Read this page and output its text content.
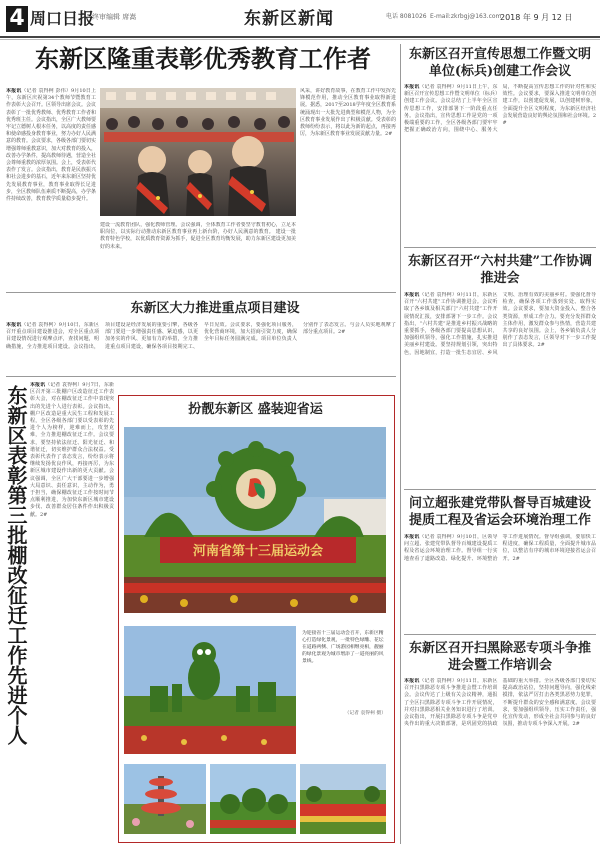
4 周口日报
终审编辑 席嵩	东新区新闻	电话 8081026 E-mail:zkrbgj@163.com
2018 年 9 月 12 日
东新区隆重表彰优秀教育工作者
本报讯（记者 袁得柯 彭伟）9月10日上午，东新区庆祝第34个教师节暨教育工作表彰大会召开。区领导出席会议。会议表彰了一批优秀教师、优秀教育工作者和优秀班主任。会议指出，全区广大教师要牢记立德树人根本任务，以高度的责任感和使命感投身教育事业，努力办好人民满意的教育。会议要求，各级各部门要切实增强尊师重教意识，加大对教育的投入，改善办学条件，提高教师待遇，营造全社会尊师重教的浓厚氛围。会上，受表彰代表作了发言。会议指出，教育是民族振兴和社会进步的基石，近年来东新区坚持优先发展教育事业，教育事业取得长足进步，全区教师队伍素质不断提高，办学条件持续改善，教育教学质量稳步提升。
建设一流教育团队，强化教师管理。会议强调，全体教育工作者要坚守教育初心，立足本职岗位，以实际行动推动东新区教育事业再上新台阶，办好人民满意的教育。 建设一批教育特色学校，以优质教育资源为抓手，促进全区教育均衡发展，助力东新区建设更加美好的未来。
风采，讲好教育故事，在教育工作中发挥先锋模范作用，推动全区教育事业取得新进展。据悉，2017至2018学年度全区教育系统涌现出一大批先进典型和模范人物，为全区教育事业发展作出了积极贡献。受表彰的教师纷纷表示，将以此为新的起点，再接再厉，为东新区教育事业发展贡献力量。2#
东新区大力推进重点项目建设
本报讯（记者 袁得柯）9月10日，东新区召开重点项目建设推进会，对全区重点项目建设情况进行观摩点评，查找问题，明确措施，全力推进项目建设。会议指出，项目建设是经济发展的重要引擎，各级各部门要进一步增强责任感、紧迫感，以更加务实的作风、更加有力的举措，全力推进重点项目建设，确保各项目按期完工、早日见效。会议要求，要强化项目服务，优化营商环境，加大招商引资力度，确保全年目标任务圆满完成。项目单位负责人分别作了表态发言。与会人员实地观摩了部分重点项目。2#
东新区表彰第三批棚改征迁工作先进个人 本报讯（记者 袁得柯）9月7日，东新区召开第三批棚户区改造征迁工作表彰大会，对在棚改征迁工作中表现突出的先进个人进行表彰。会议指出，棚户区改造是重大民生工程和发展工程，全区各级各部门要以受表彰的先进个人为榜样，迎难而上，攻坚克难，全力推进棚改征迁工作。会议要求，要坚持依法征迁、阳光征迁、和谐征迁，切实维护群众合法权益。受表彰代表作了表态发言，纷纷表示将继续发扬优良作风，再接再厉，为东新区城市建设作出新的更大贡献。会议强调，全区广大干部要进一步增强大局意识、责任意识，主动作为，勇于担当，确保棚改征迁工作按时间节点顺利推进，为加快东新区城市建设步伐、改善群众居住条件作出积极贡献。2#
东新区召开宣传思想工作暨文明单位(标兵)创建工作会议
本报讯（记者 袁得柯）9月11日上午，东新区召开宣传思想工作暨文明单位（标兵）创建工作会议。会议总结了上半年全区宣传思想工作，安排部署下一阶段重点任务。会议指出，宣传思想工作是党的一项极端重要的工作，全区各级各部门要牢牢把握正确政治方向，围绕中心、服务大局，不断提高宣传思想工作的针对性和实效性。会议要求，要深入推进文明单位创建工作，以创建促发展，以创建树形象，全面提升全区文明程度，为东新区经济社会发展营造良好的舆论氛围和社会环境。2#
东新区召开“六村共建”工作协调推进会
本报讯（记者 袁得柯）9月11日，东新区召开“六村共建”工作协调推进会。会议听取了各乡镇及相关部门“六村共建”工作开展情况汇报，安排部署下一步工作。会议指出，“六村共建”是推进乡村振兴战略的重要抓手，各级各部门要提高思想认识，加强组织领导，强化工作措施，扎实推进美丽乡村建设。要坚持规划引领，突出特色，因地制宜，打造一批生态宜居、乡风文明、治理有效的美丽乡村。要强化督导检查，确保各项工作落到实处、取得实效。会议要求，要加大资金投入，整合各类资源，形成工作合力。要充分发挥群众主体作用，激发群众参与热情，营造共建共享的良好氛围。会上，各乡镇负责人分别作了表态发言，区领导对下一步工作提出了具体要求。2#
问立超张建党带队督导百城建设提质工程及省运会环境治理工作
本报讯（记者 袁得柯）9月10日，区领导问立超、张建党带队督导百城建设提质工程及省运会环境治理工作。督导组一行实地查看了道路改造、绿化提升、环境整治等工作进展情况。督导组强调，要加快工程进度，确保工程质量，全面提升城市品位，以整洁有序的城市环境迎接省运会召开。2#
东新区召开扫黑除恶专项斗争推进会暨工作培训会
本报讯（记者 袁得柯）9月11日，东新区召开扫黑除恶专项斗争推进会暨工作培训会。会议传达了上级有关会议精神，通报了全区扫黑除恶专项斗争工作开展情况，并对扫黑除恶相关业务知识进行了培训。会议指出，开展扫黑除恶专项斗争是党中央作出的重大决策部署，是巩固党的执政基础的重大举措。全区各级各部门要切实提高政治站位，坚持问题导向，强化线索摸排，依法严厉打击各类黑恶势力犯罪，不断提升群众的安全感和满意度。会议要求，要加强组织领导，压实工作责任，强化宣传发动，形成全社会共同参与的良好氛围，推动专项斗争深入开展。2#
扮靓东新区 盛装迎省运
河南省第十三届运动会
为迎接省十三届运动会召开，东新区精心打造绿化景观，一批特色绿雕、花坛在道路两侧、广场游园相继亮相，靓丽的绿化景观为城市增添了一道亮丽的风景线。
（记者 袁得柯 摄）
